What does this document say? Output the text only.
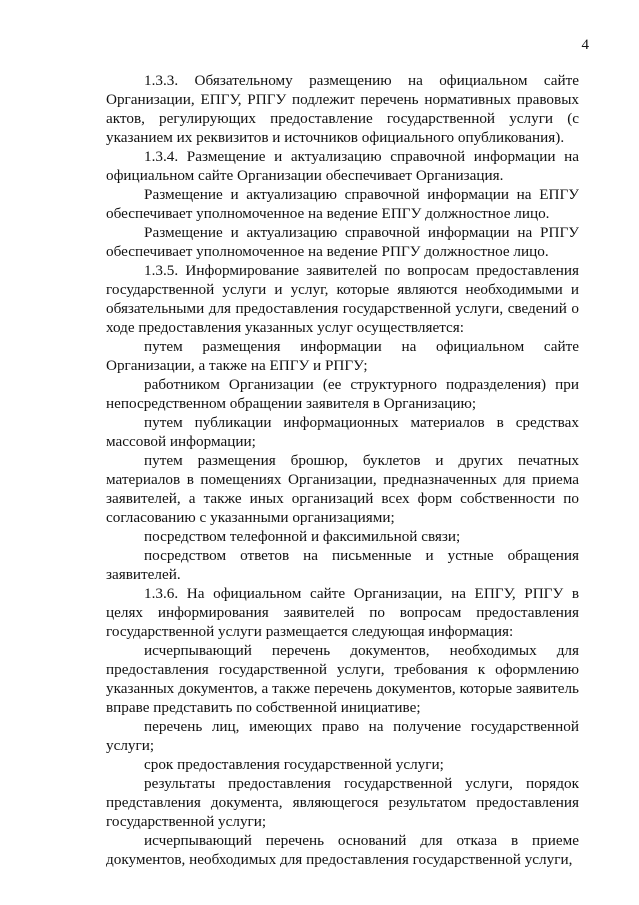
4

1.3.3. Обязательному размещению на официальном сайте Организации, ЕПГУ, РПГУ подлежит перечень нормативных правовых актов, регулирующих предоставление государственной услуги (с указанием их реквизитов и источников официального опубликования).

1.3.4. Размещение и актуализацию справочной информации на официальном сайте Организации обеспечивает Организация.

Размещение и актуализацию справочной информации на ЕПГУ обеспечивает уполномоченное на ведение ЕПГУ должностное лицо.

Размещение и актуализацию справочной информации на РПГУ обеспечивает уполномоченное на ведение РПГУ должностное лицо.

1.3.5. Информирование заявителей по вопросам предоставления государственной услуги и услуг, которые являются необходимыми и обязательными для предоставления государственной услуги, сведений о ходе предоставления указанных услуг осуществляется:

путем размещения информации на официальном сайте Организации, а также на ЕПГУ и РПГУ;

работником Организации (ее структурного подразделения) при непосредственном обращении заявителя в Организацию;

путем публикации информационных материалов в средствах массовой информации;

путем размещения брошюр, буклетов и других печатных материалов в помещениях Организации, предназначенных для приема заявителей, а также иных организаций всех форм собственности по согласованию с указанными организациями;

посредством телефонной и факсимильной связи;

посредством ответов на письменные и устные обращения заявителей.

1.3.6. На официальном сайте Организации, на ЕПГУ, РПГУ в целях информирования заявителей по вопросам предоставления государственной услуги размещается следующая информация:

исчерпывающий перечень документов, необходимых для предоставления государственной услуги, требования к оформлению указанных документов, а также перечень документов, которые заявитель вправе представить по собственной инициативе;

перечень лиц, имеющих право на получение государственной услуги;

срок предоставления государственной услуги;

результаты предоставления государственной услуги, порядок представления документа, являющегося результатом предоставления государственной услуги;

исчерпывающий перечень оснований для отказа в приеме документов, необходимых для предоставления государственной услуги,
